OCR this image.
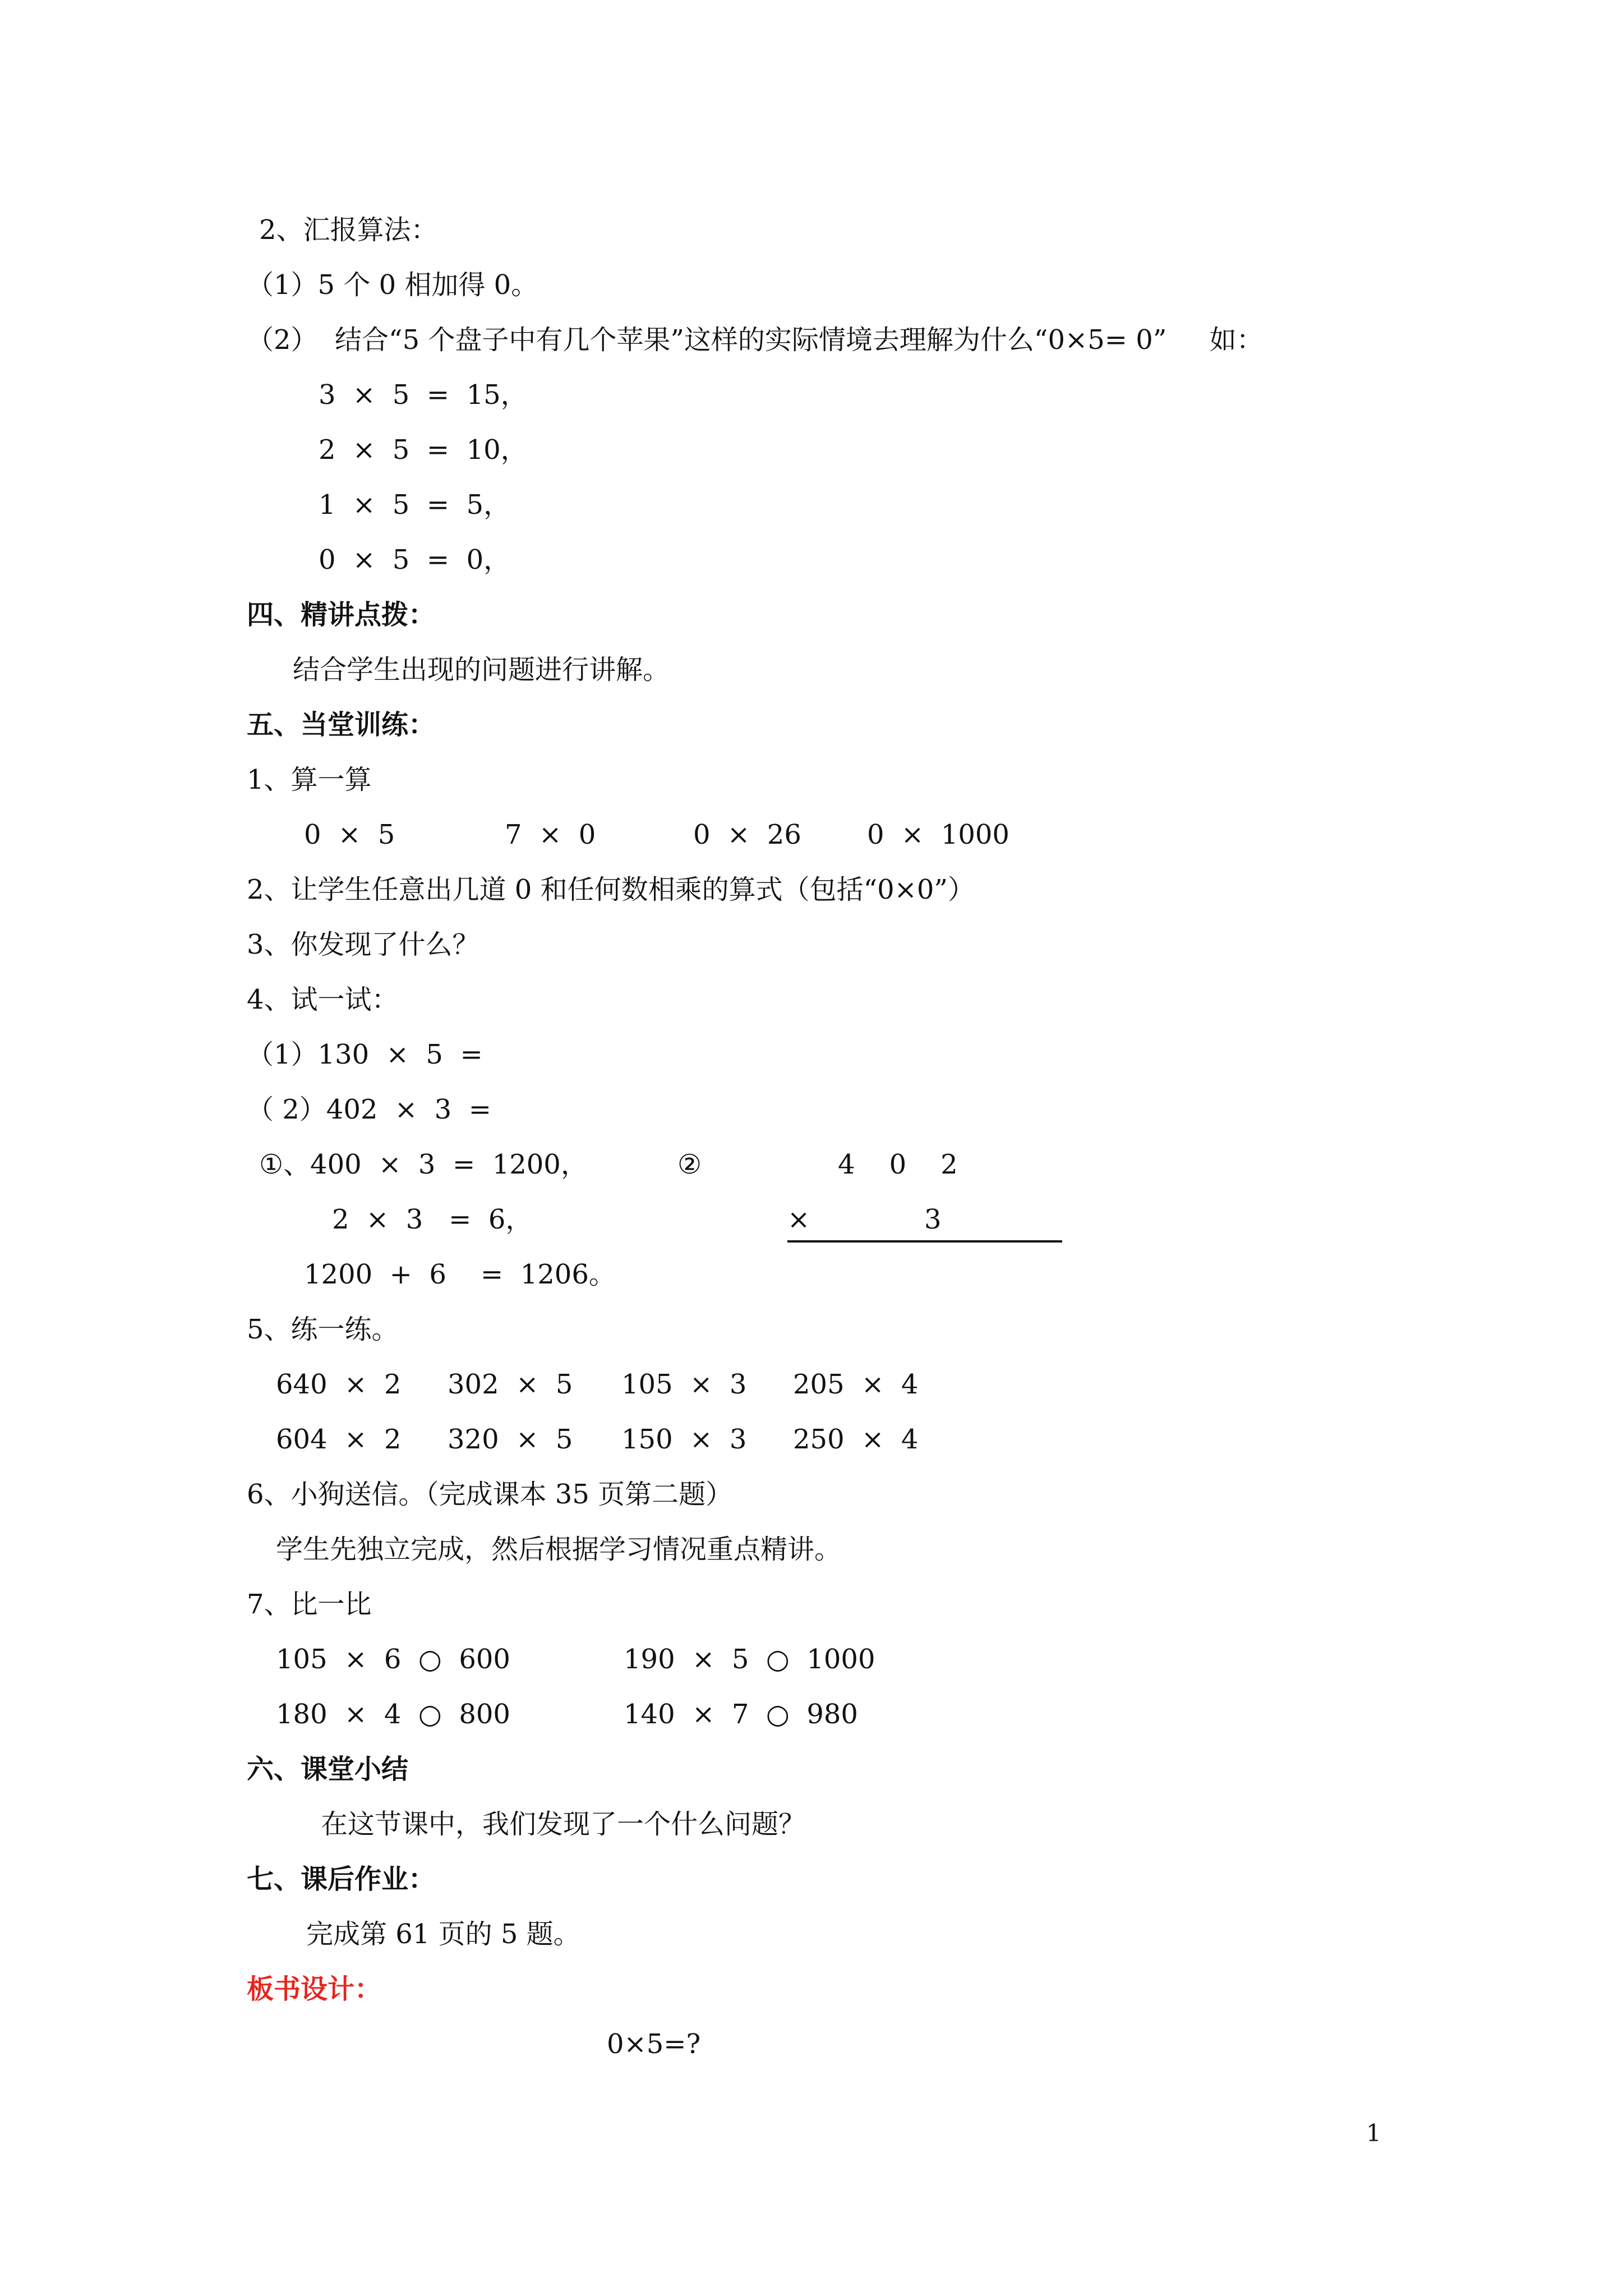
2、汇报算法：
（1）5 个 0 相加得 0。
（2）  结合“5 个盘子中有几个苹果”这样的实际情境去理解为什么“0×5= 0”     如：
3  ×  5  =  15，
2  ×  5  =  10，
1  ×  5  =  5，
0  ×  5  =  0，
四、精讲点拨：
结合学生出现的问题进行讲解。
五、当堂训练：
1、算一算
0  ×  5	7  ×  0	0  ×  26 0  ×  1000
2、让学生任意出几道 0 和任何数相乘的算式（包括“0×0”）
3、你发现了什么？
4、试一试：
（1）130  ×  5  =
（ 2）402  ×  3  =
①、400  ×  3  =  1200，	②	4    0    2
2  ×  3   =  6，	×	3
1200  +  6    =  1206。
5、练一练。
640  ×  2 302  ×  5 105  ×  3 205  ×  4
604  ×  2 320  ×  5 150  ×  3 250  ×  4
6、小狗送信。（完成课本 35 页第二题）
学生先独立完成，然后根据学习情况重点精讲。
7、比一比
105  ×  6  ○  600	190  ×  5  ○  1000
180  ×  4  ○  800	140  ×  7  ○  980
六、课堂小结
在这节课中，我们发现了一个什么问题？
七、课后作业：
完成第 61 页的 5 题。
板书设计：
0×5=?
1
